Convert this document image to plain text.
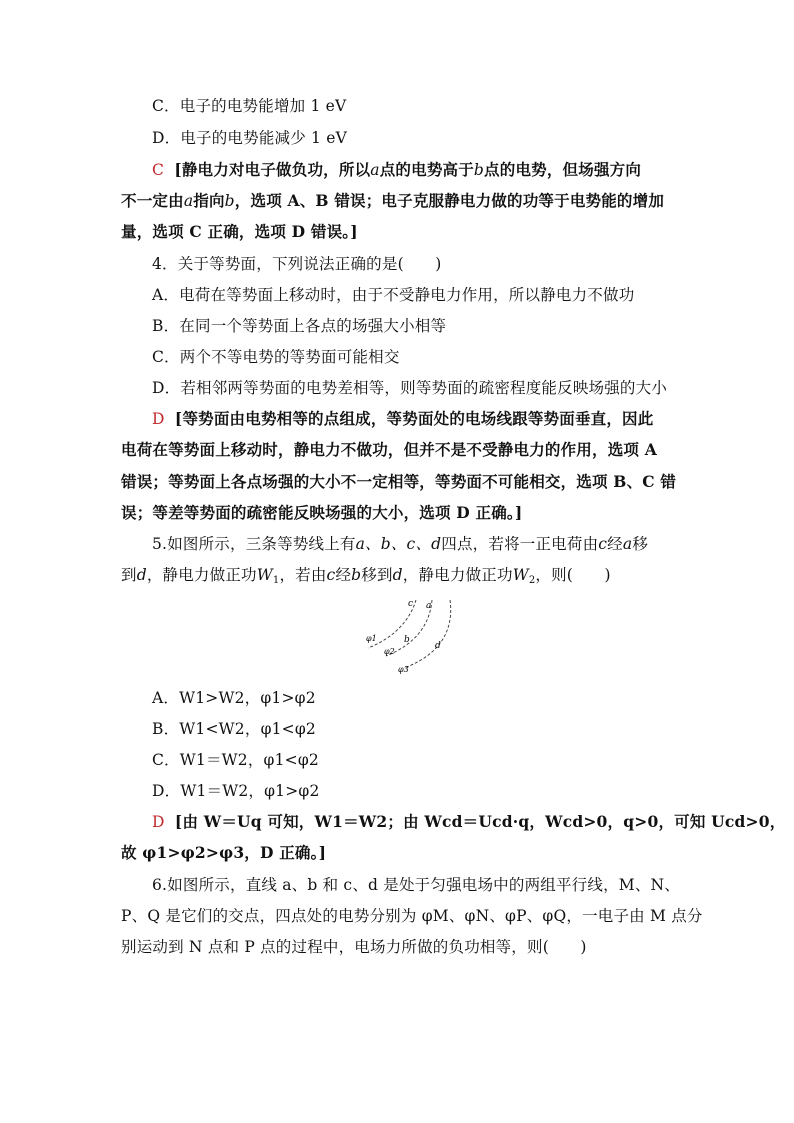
C．电子的电势能增加 1 eV
D．电子的电势能减少 1 eV
C [静电力对电子做负功，所以a点的电势高于b点的电势，但场强方向
不一定由a指向b，选项 A、B 错误；电子克服静电力做的功等于电势能的增加
量，选项 C 正确，选项 D 错误。]
4．关于等势面，下列说法正确的是(　　)
A．电荷在等势面上移动时，由于不受静电力作用，所以静电力不做功
B．在同一个等势面上各点的场强大小相等
C．两个不等电势的等势面可能相交
D．若相邻两等势面的电势差相等，则等势面的疏密程度能反映场强的大小
D [等势面由电势相等的点组成，等势面处的电场线跟等势面垂直，因此
电荷在等势面上移动时，静电力不做功，但并不是不受静电力的作用，选项 A
错误；等势面上各点场强的大小不一定相等，等势面不可能相交，选项 B、C 错
误；等差等势面的疏密能反映场强的大小，选项 D 正确。]
5.如图所示，三条等势线上有a、b、c、d四点，若将一正电荷由c经a移
到d，静电力做正功$W_1$，若由c经b移到d，静电力做正功$W_2$，则(　　)
c a
b
d
φ1
φ2
φ3
A．W1>W2，φ1>φ2
B．W1<W2，φ1<φ2
C．W1＝W2，φ1<φ2
D．W1＝W2，φ1>φ2
D [由 W＝Uq 可知，W1＝W2；由 Wcd＝Ucd·q，Wcd>0，q>0，可知 Ucd>0，
故 φ1>φ2>φ3，D 正确。]
6.如图所示，直线 a、b 和 c、d 是处于匀强电场中的两组平行线，M、N、
P、Q 是它们的交点，四点处的电势分别为 φM、φN、φP、φQ，一电子由 M 点分
别运动到 N 点和 P 点的过程中，电场力所做的负功相等，则(　　)
